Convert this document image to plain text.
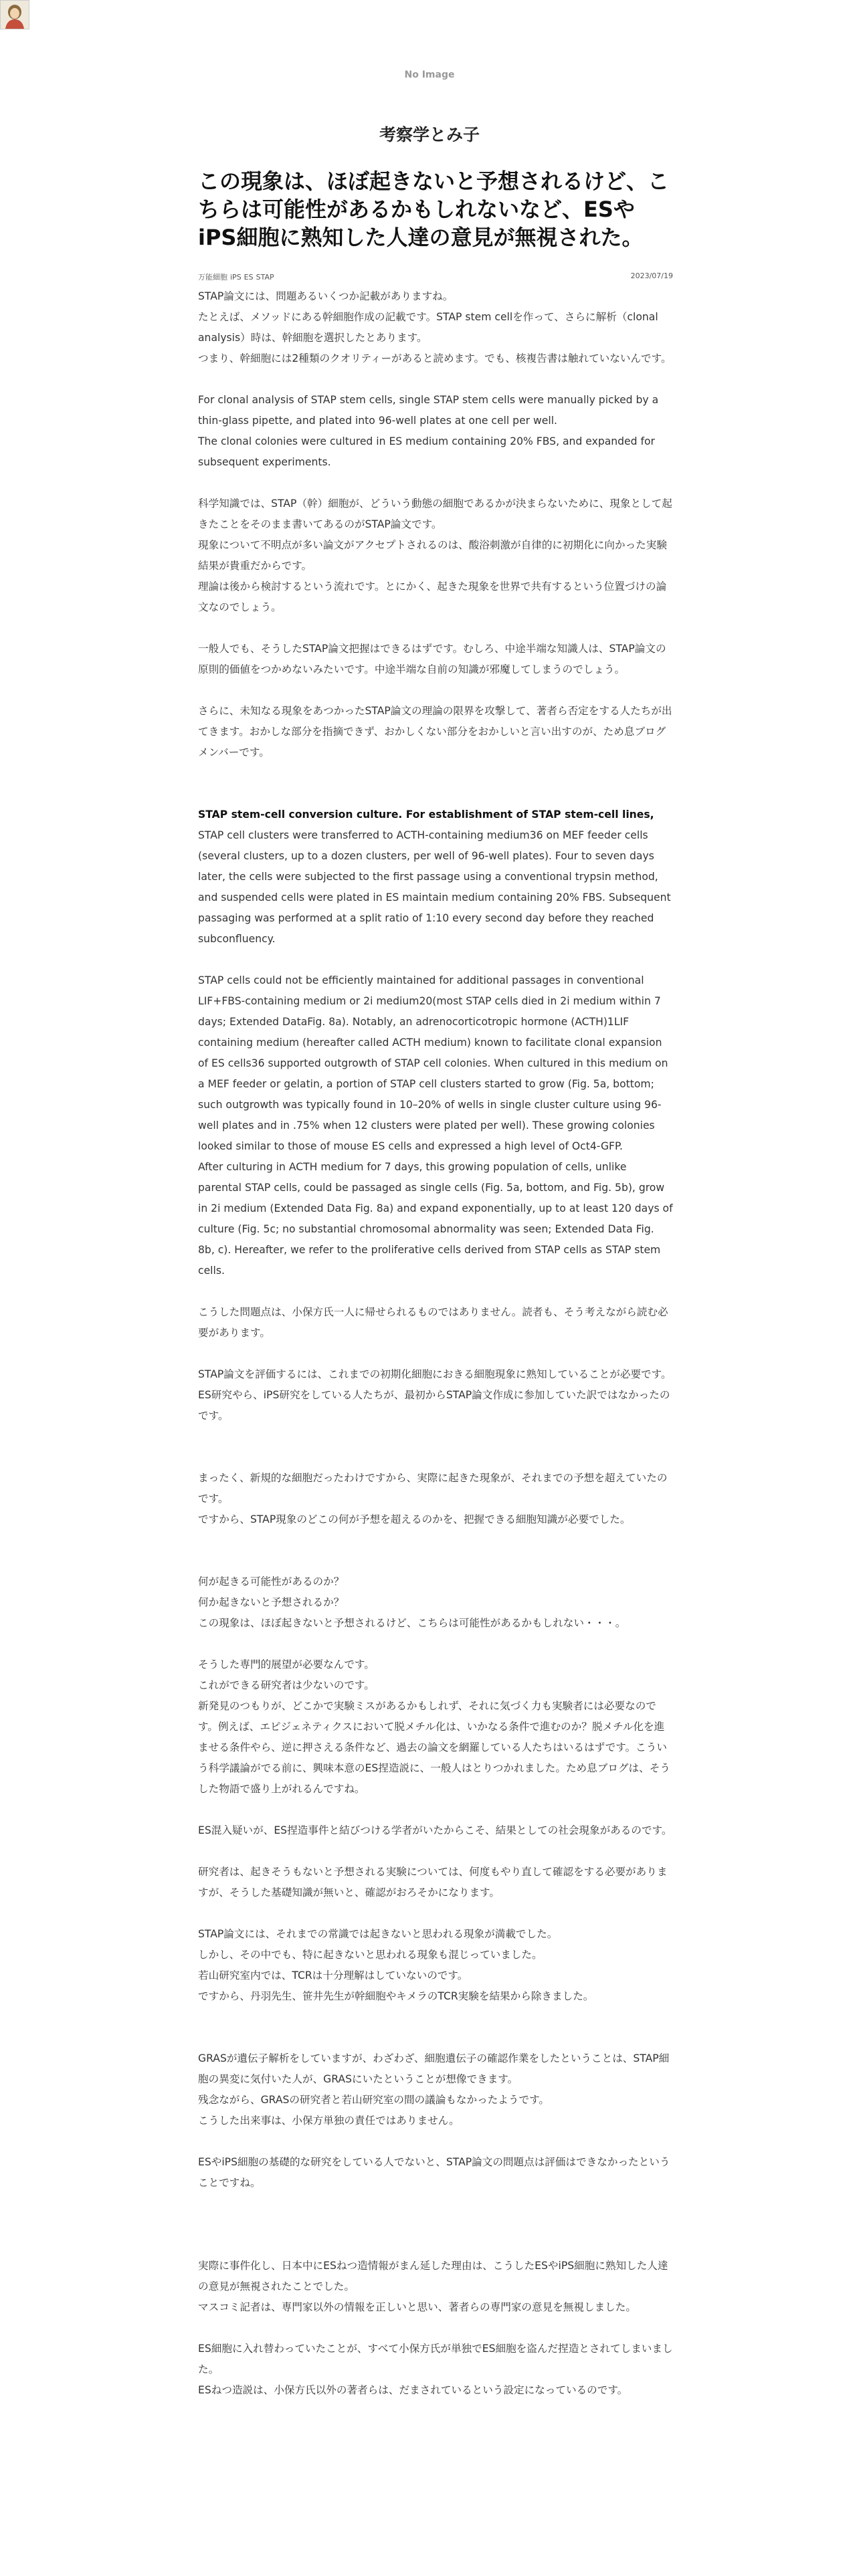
No Image
考察学とみ子
この現象は、ほぼ起きないと予想されるけど、こちらは可能性があるかもしれないなど、ESやiPS細胞に熟知した人達の意見が無視された。
万能細胞 iPS ES STAP	2023/07/19

STAP論文には、問題あるいくつか記載がありますね。

たとえば、メソッドにある幹細胞作成の記載です。STAP stem cellを作って、さらに解析（clonal analysis）時は、幹細胞を選択したとあります。

つまり、幹細胞には2種類のクオリティーがあると読めます。でも、核複告書は触れていないんです。

For clonal analysis of STAP stem cells, single STAP stem cells were manually picked by a thin-glass pipette, and plated into 96-well plates at one cell per well.

The clonal colonies were cultured in ES medium containing 20% FBS, and expanded for subsequent experiments.

科学知識では、STAP（幹）細胞が、どういう動態の細胞であるかが決まらないために、現象として起きたことをそのまま書いてあるのがSTAP論文です。

現象について不明点が多い論文がアクセプトされるのは、酸浴刺激が自律的に初期化に向かった実験結果が貴重だからです。

理論は後から検討するという流れです。とにかく、起きた現象を世界で共有するという位置づけの論文なのでしょう。

一般人でも、そうしたSTAP論文把握はできるはずです。むしろ、中途半端な知識人は、STAP論文の原則的価値をつかめないみたいです。中途半端な自前の知識が邪魔してしまうのでしょう。

さらに、未知なる現象をあつかったSTAP論文の理論の限界を攻撃して、著者ら否定をする人たちが出てきます。おかしな部分を指摘できず、おかしくない部分をおかしいと言い出すのが、ため息ブログメンバーです。

STAP stem-cell conversion culture. For establishment of STAP stem-cell lines,

STAP cell clusters were transferred to ACTH-containing medium36 on MEF feeder cells (several clusters, up to a dozen clusters, per well of 96-well plates). Four to seven days later, the cells were subjected to the first passage using a conventional trypsin method, and suspended cells were plated in ES maintain medium containing 20% FBS. Subsequent passaging was performed at a split ratio of 1:10 every second day before they reached subconfluency.

STAP cells could not be efficiently maintained for additional passages in conventional LIF+FBS-containing medium or 2i medium20(most STAP cells died in 2i medium within 7 days; Extended DataFig. 8a). Notably, an adrenocorticotropic hormone (ACTH)1LIF containing medium (hereafter called ACTH medium) known to facilitate clonal expansion of ES cells36 supported outgrowth of STAP cell colonies. When cultured in this medium on a MEF feeder or gelatin, a portion of STAP cell clusters started to grow (Fig. 5a, bottom; such outgrowth was typically found in 10–20% of wells in single cluster culture using 96-well plates and in .75% when 12 clusters were plated per well). These growing colonies looked similar to those of mouse ES cells and expressed a high level of Oct4-GFP.

After culturing in ACTH medium for 7 days, this growing population of cells, unlike parental STAP cells, could be passaged as single cells (Fig. 5a, bottom, and Fig. 5b), grow in 2i medium (Extended Data Fig. 8a) and expand exponentially, up to at least 120 days of culture (Fig. 5c; no substantial chromosomal abnormality was seen; Extended Data Fig. 8b, c). Hereafter, we refer to the proliferative cells derived from STAP cells as STAP stem cells.

こうした問題点は、小保方氏一人に帰せられるものではありません。読者も、そう考えながら読む必要があります。

STAP論文を評価するには、これまでの初期化細胞におきる細胞現象に熟知していることが必要です。

ES研究やら、iPS研究をしている人たちが、最初からSTAP論文作成に参加していた訳ではなかったのです。

まったく、新規的な細胞だったわけですから、実際に起きた現象が、それまでの予想を超えていたのです。

ですから、STAP現象のどこの何が予想を超えるのかを、把握できる細胞知識が必要でした。

何が起きる可能性があるのか？

何か起きないと予想されるか？

この現象は、ほぼ起きないと予想されるけど、こちらは可能性があるかもしれない・・・。

そうした専門的展望が必要なんです。

これができる研究者は少ないのです。

新発見のつもりが、どこかで実験ミスがあるかもしれず、それに気づく力も実験者には必要なのです。例えば、エピジェネティクスにおいて脱メチル化は、いかなる条件で進むのか？脱メチル化を進ませる条件やら、逆に押さえる条件など、過去の論文を網羅している人たちはいるはずです。こういう科学議論がでる前に、興味本意のES捏造説に、一般人はとりつかれました。ため息ブログは、そうした物語で盛り上がれるんですね。

ES混入疑いが、ES捏造事件と結びつける学者がいたからこそ、結果としての社会現象があるのです。

研究者は、起きそうもないと予想される実験については、何度もやり直して確認をする必要がありますが、そうした基礎知識が無いと、確認がおろそかになります。

STAP論文には、それまでの常識では起きないと思われる現象が満載でした。

しかし、その中でも、特に起きないと思われる現象も混じっていました。

若山研究室内では、TCRは十分理解はしていないのです。

ですから、丹羽先生、笹井先生が幹細胞やキメラのTCR実験を結果から除きました。

GRASが遺伝子解析をしていますが、わざわざ、細胞遺伝子の確認作業をしたということは、STAP細胞の異変に気付いた人が、GRASにいたということが想像できます。

残念ながら、GRASの研究者と若山研究室の間の議論もなかったようです。

こうした出来事は、小保方単独の責任ではありません。

ESやiPS細胞の基礎的な研究をしている人でないと、STAP論文の問題点は評価はできなかったということですね。

実際に事件化し、日本中にESねつ造情報がまん延した理由は、こうしたESやiPS細胞に熟知した人達の意見が無視されたことでした。

マスコミ記者は、専門家以外の情報を正しいと思い、著者らの専門家の意見を無視しました。

ES細胞に入れ替わっていたことが、すべて小保方氏が単独でES細胞を盗んだ捏造とされてしまいました。

ESねつ造説は、小保方氏以外の著者らは、だまされているという設定になっているのです。
